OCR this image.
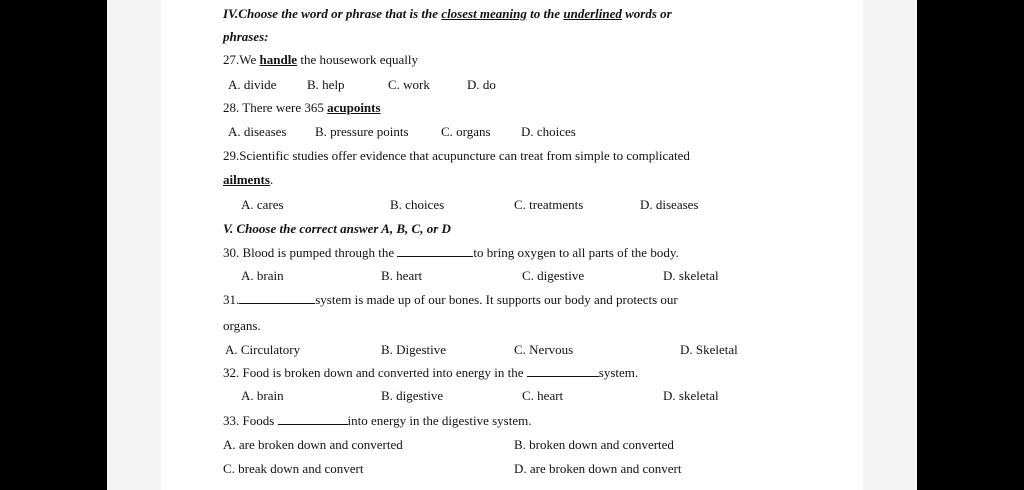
IV.Choose the word or phrase that is the closest meaning to the underlined words or
phrases:
27.We handle the housework equally
A. divide B. help	C. work	D. do
28. There were 365 acupoints
A. diseases B. pressure points C. organs D. choices
29.Scientific studies offer evidence that acupuncture can treat from simple to complicated
ailments.
A. cares	B. choices	C. treatments	D. diseases
V. Choose the correct answer A, B, C, or D
30. Blood is pumped through the	to bring oxygen to all parts of the body.
A. brain	B. heart	C. digestive	D. skeletal
31.	system is made up of our bones. It supports our body and protects our
organs.
A. Circulatory	B. Digestive	C. Nervous	D. Skeletal
32. Food is broken down and converted into energy in the	system.
A. brain	B. digestive	C. heart	D. skeletal
33. Foods	into energy in the digestive system.
A. are broken down and converted	B. broken down and converted
C. break down and convert	D. are broken down and convert
